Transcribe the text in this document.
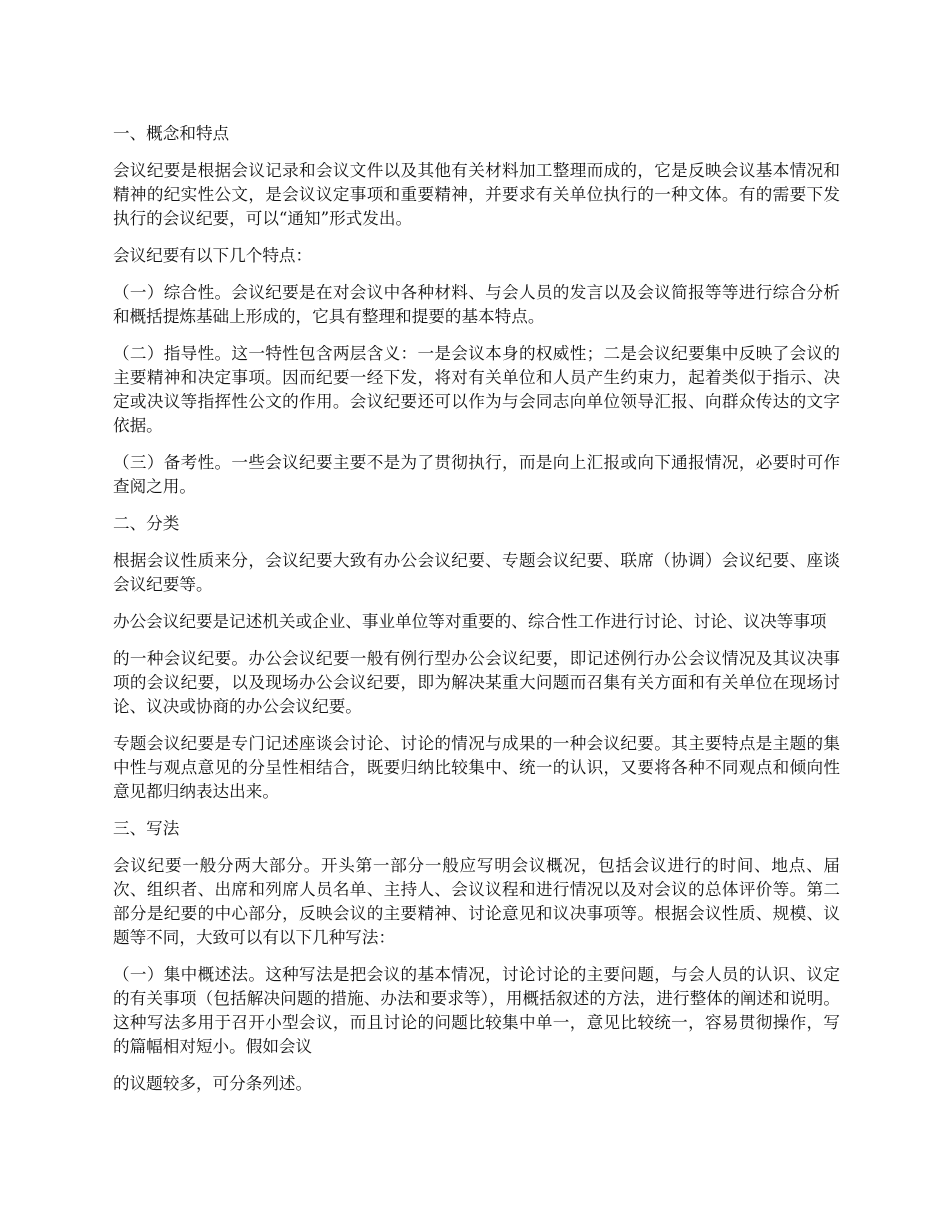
一、概念和特点

会议纪要是根据会议记录和会议文件以及其他有关材料加工整理而成的，它是反映会议基本情况和精神的纪实性公文，是会议议定事项和重要精神，并要求有关单位执行的一种文体。有的需要下发执行的会议纪要，可以“通知”形式发出。

会议纪要有以下几个特点：

（一）综合性。会议纪要是在对会议中各种材料、与会人员的发言以及会议简报等等进行综合分析和概括提炼基础上形成的，它具有整理和提要的基本特点。

（二）指导性。这一特性包含两层含义：一是会议本身的权威性；二是会议纪要集中反映了会议的主要精神和决定事项。因而纪要一经下发，将对有关单位和人员产生约束力，起着类似于指示、决定或决议等指挥性公文的作用。会议纪要还可以作为与会同志向单位领导汇报、向群众传达的文字依据。

（三）备考性。一些会议纪要主要不是为了贯彻执行，而是向上汇报或向下通报情况，必要时可作查阅之用。

二、分类

根据会议性质来分，会议纪要大致有办公会议纪要、专题会议纪要、联席（协调）会议纪要、座谈会议纪要等。

办公会议纪要是记述机关或企业、事业单位等对重要的、综合性工作进行讨论、讨论、议决等事项

的一种会议纪要。办公会议纪要一般有例行型办公会议纪要，即记述例行办公会议情况及其议决事项的会议纪要，以及现场办公会议纪要，即为解决某重大问题而召集有关方面和有关单位在现场讨论、议决或协商的办公会议纪要。

专题会议纪要是专门记述座谈会讨论、讨论的情况与成果的一种会议纪要。其主要特点是主题的集中性与观点意见的分呈性相结合，既要归纳比较集中、统一的认识，又要将各种不同观点和倾向性意见都归纳表达出来。

三、写法

会议纪要一般分两大部分。开头第一部分一般应写明会议概况，包括会议进行的时间、地点、届次、组织者、出席和列席人员名单、主持人、会议议程和进行情况以及对会议的总体评价等。第二部分是纪要的中心部分，反映会议的主要精神、讨论意见和议决事项等。根据会议性质、规模、议题等不同，大致可以有以下几种写法：

（一）集中概述法。这种写法是把会议的基本情况，讨论讨论的主要问题，与会人员的认识、议定的有关事项（包括解决问题的措施、办法和要求等），用概括叙述的方法，进行整体的阐述和说明。这种写法多用于召开小型会议，而且讨论的问题比较集中单一，意见比较统一，容易贯彻操作，写的篇幅相对短小。假如会议

的议题较多，可分条列述。
